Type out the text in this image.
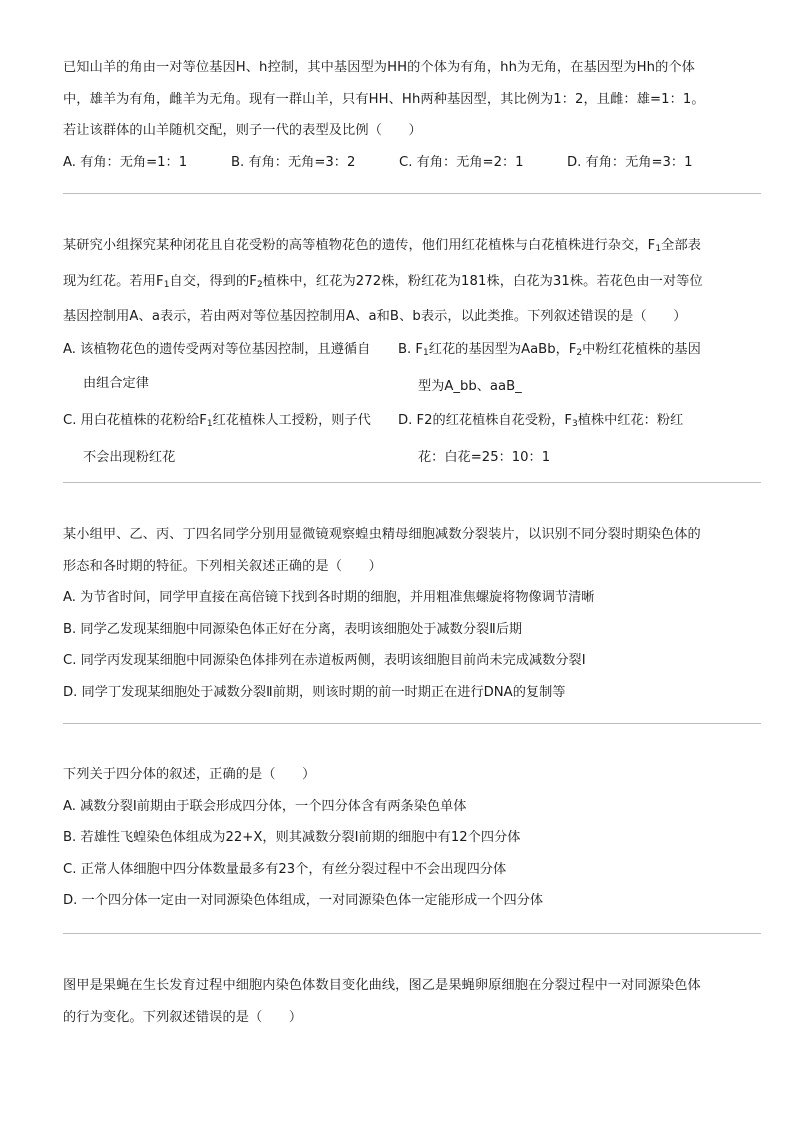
已知山羊的角由一对等位基因H、h控制，其中基因型为HH的个体为有角，hh为无角，在基因型为Hh的个体
中，雄羊为有角，雌羊为无角。现有一群山羊，只有HH、Hh两种基因型，其比例为1：2，且雌：雄=1：1。
若让该群体的山羊随机交配，则子一代的表型及比例（　　）

A. 有角：无角=1：1	B. 有角：无角=3：2	C. 有角：无角=2：1	D. 有角：无角=3：1

某研究小组探究某种闭花且自花受粉的高等植物花色的遗传，他们用红花植株与白花植株进行杂交，$F_1$全部表
现为红花。若用$F_1$自交，得到的$F_2$植株中，红花为272株，粉红花为181株，白花为31株。若花色由一对等位
基因控制用A、a表示，若由两对等位基因控制用A、a和B、b表示，以此类推。下列叙述错误的是（　　）

A. 该植物花色的遗传受两对等位基因控制，且遵循自
由组合定律
B. $F_1$红花的基因型为AaBb，$F_2$中粉红花植株的基因
型为A_bb、aaB_
C. 用白花植株的花粉给$F_1$红花植株人工授粉，则子代
不会出现粉红花
D. F2的红花植株自花受粉，$F_3$植株中红花：粉红
花：白花=25：10：1

某小组甲、乙、丙、丁四名同学分别用显微镜观察蝗虫精母细胞减数分裂装片，以识别不同分裂时期染色体的
形态和各时期的特征。下列相关叙述正确的是（　　）

A. 为节省时间，同学甲直接在高倍镜下找到各时期的细胞，并用粗准焦螺旋将物像调节清晰
B. 同学乙发现某细胞中同源染色体正好在分离，表明该细胞处于减数分裂Ⅱ后期
C. 同学丙发现某细胞中同源染色体排列在赤道板两侧，表明该细胞目前尚未完成减数分裂Ⅰ
D. 同学丁发现某细胞处于减数分裂Ⅱ前期，则该时期的前一时期正在进行DNA的复制等

下列关于四分体的叙述，正确的是（　　）

A. 减数分裂Ⅰ前期由于联会形成四分体，一个四分体含有两条染色单体
B. 若雄性飞蝗染色体组成为22+X，则其减数分裂Ⅰ前期的细胞中有12个四分体
C. 正常人体细胞中四分体数量最多有23个，有丝分裂过程中不会出现四分体
D. 一个四分体一定由一对同源染色体组成，一对同源染色体一定能形成一个四分体

图甲是果蝇在生长发育过程中细胞内染色体数目变化曲线，图乙是果蝇卵原细胞在分裂过程中一对同源染色体
的行为变化。下列叙述错误的是（　　）
